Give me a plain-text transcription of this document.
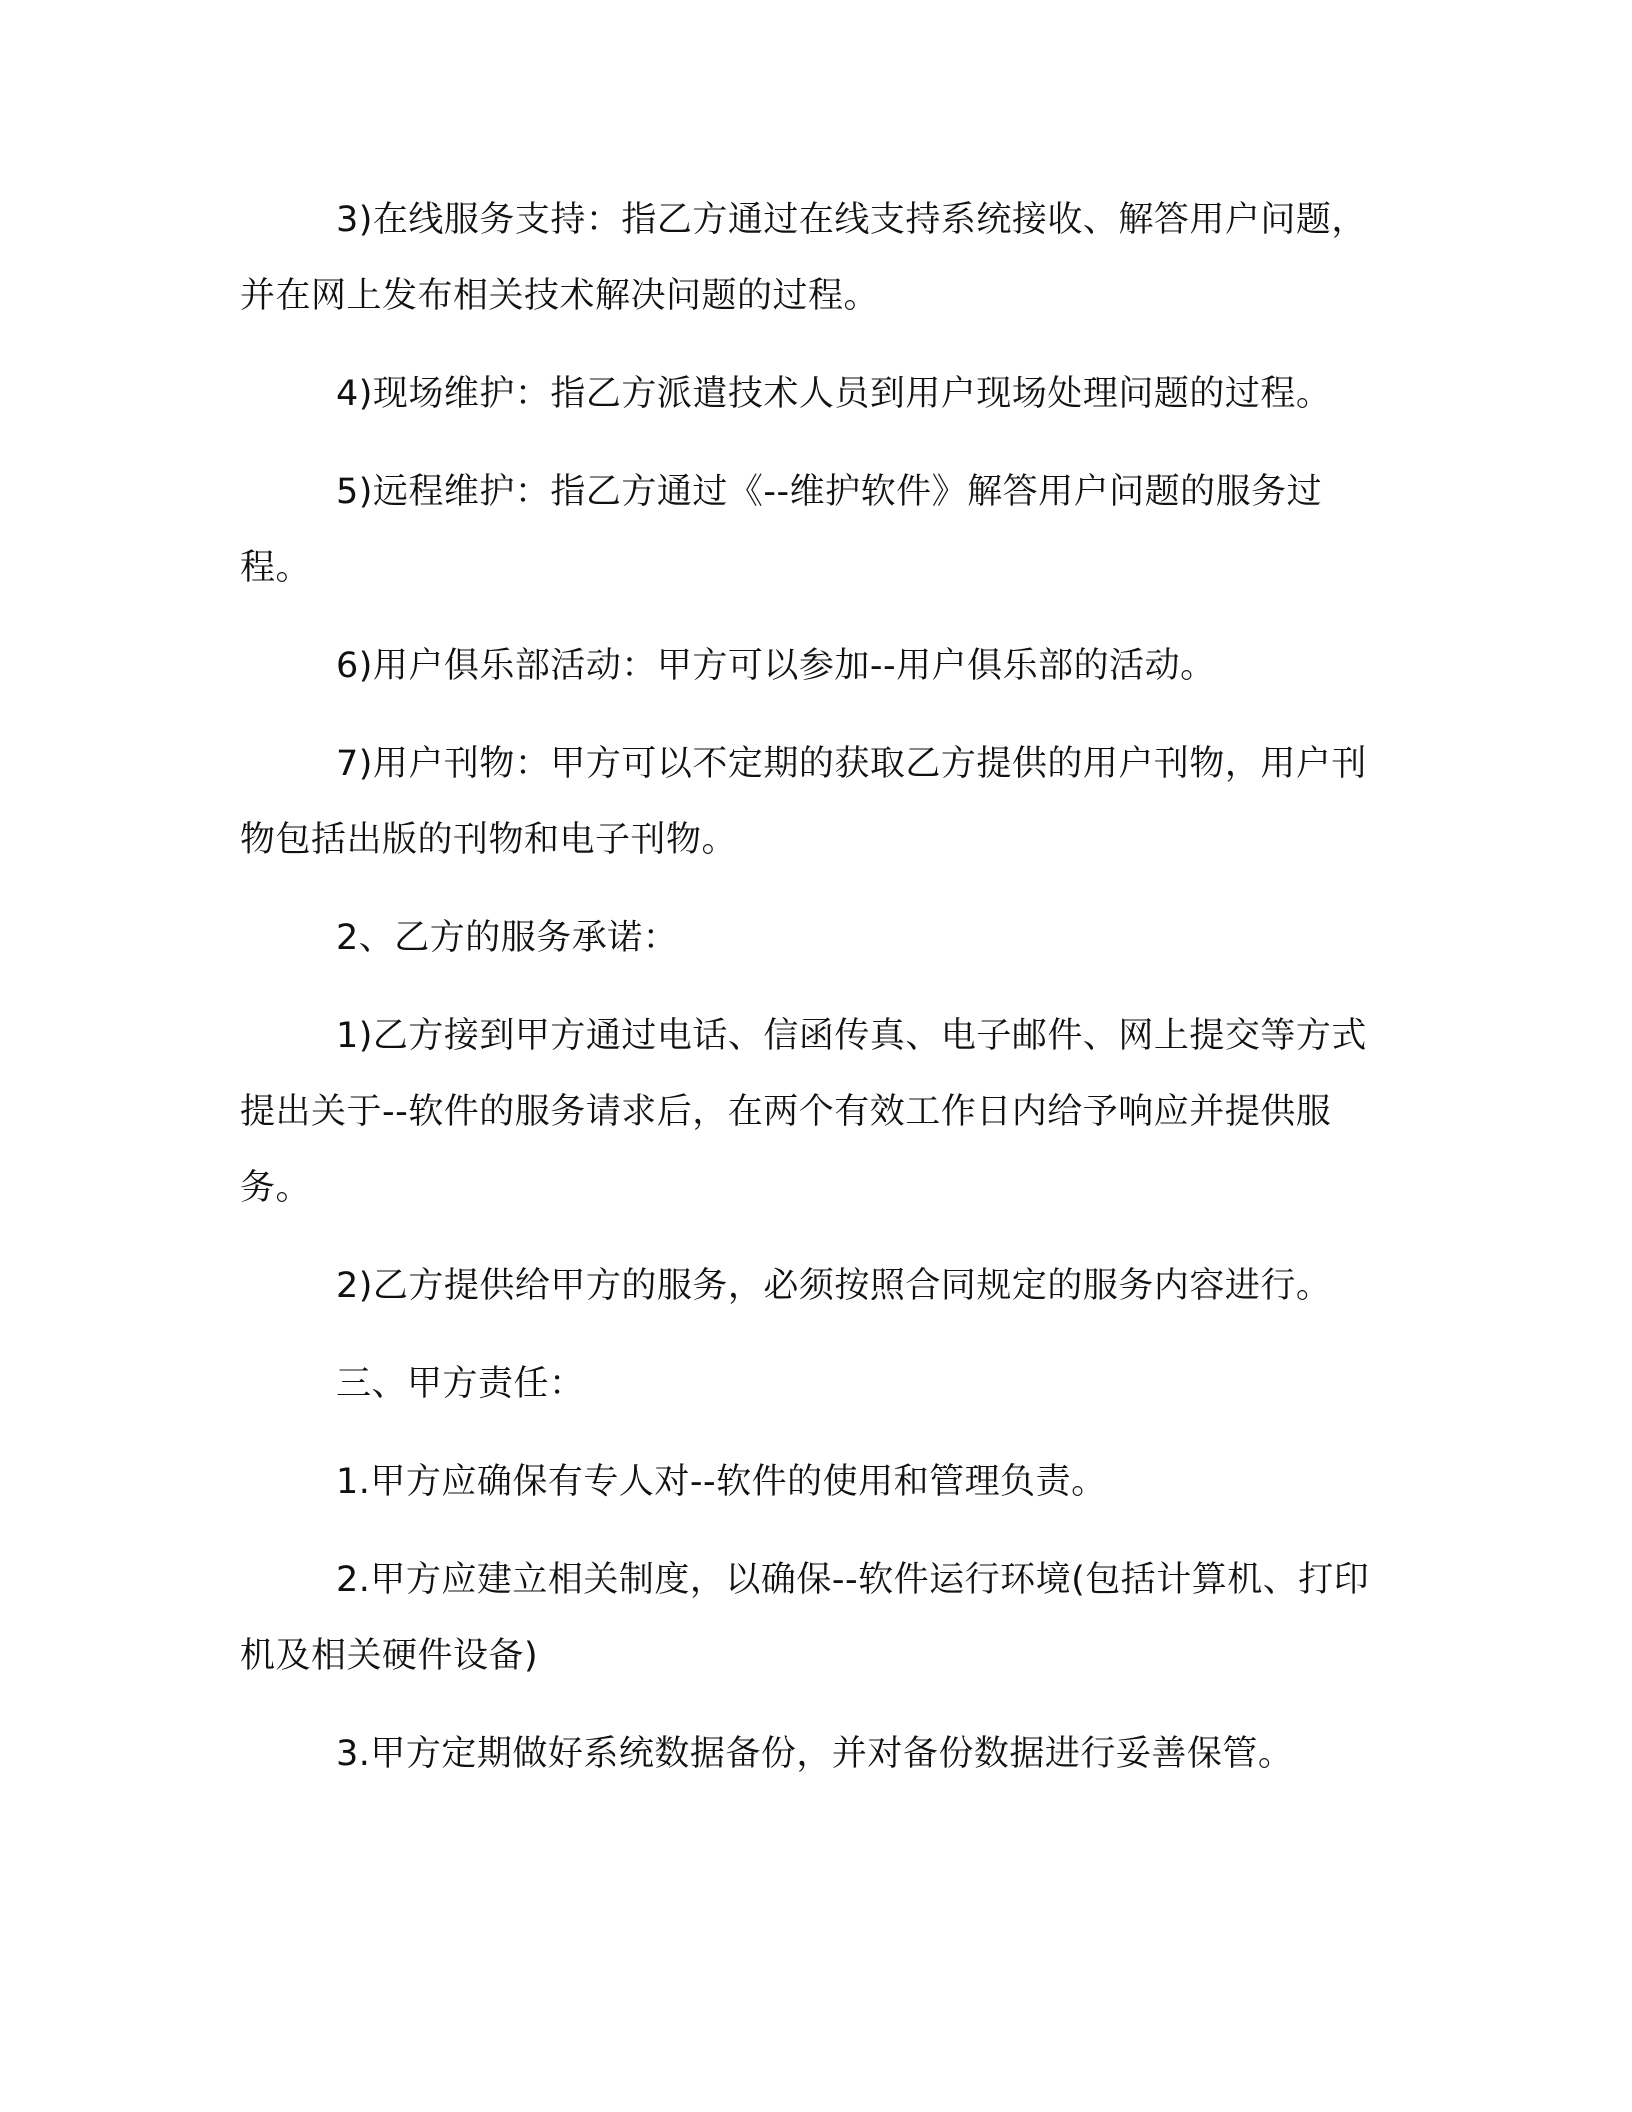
3)在线服务支持：指乙方通过在线支持系统接收、解答用户问题，并在网上发布相关技术解决问题的过程。

4)现场维护：指乙方派遣技术人员到用户现场处理问题的过程。

5)远程维护：指乙方通过《--维护软件》解答用户问题的服务过程。

6)用户俱乐部活动：甲方可以参加--用户俱乐部的活动。

7)用户刊物：甲方可以不定期的获取乙方提供的用户刊物，用户刊物包括出版的刊物和电子刊物。

2、乙方的服务承诺：

1)乙方接到甲方通过电话、信函传真、电子邮件、网上提交等方式提出关于--软件的服务请求后，在两个有效工作日内给予响应并提供服务。

2)乙方提供给甲方的服务，必须按照合同规定的服务内容进行。

三、甲方责任：

1.甲方应确保有专人对--软件的使用和管理负责。

2.甲方应建立相关制度，以确保--软件运行环境(包括计算机、打印机及相关硬件设备)

3.甲方定期做好系统数据备份，并对备份数据进行妥善保管。
